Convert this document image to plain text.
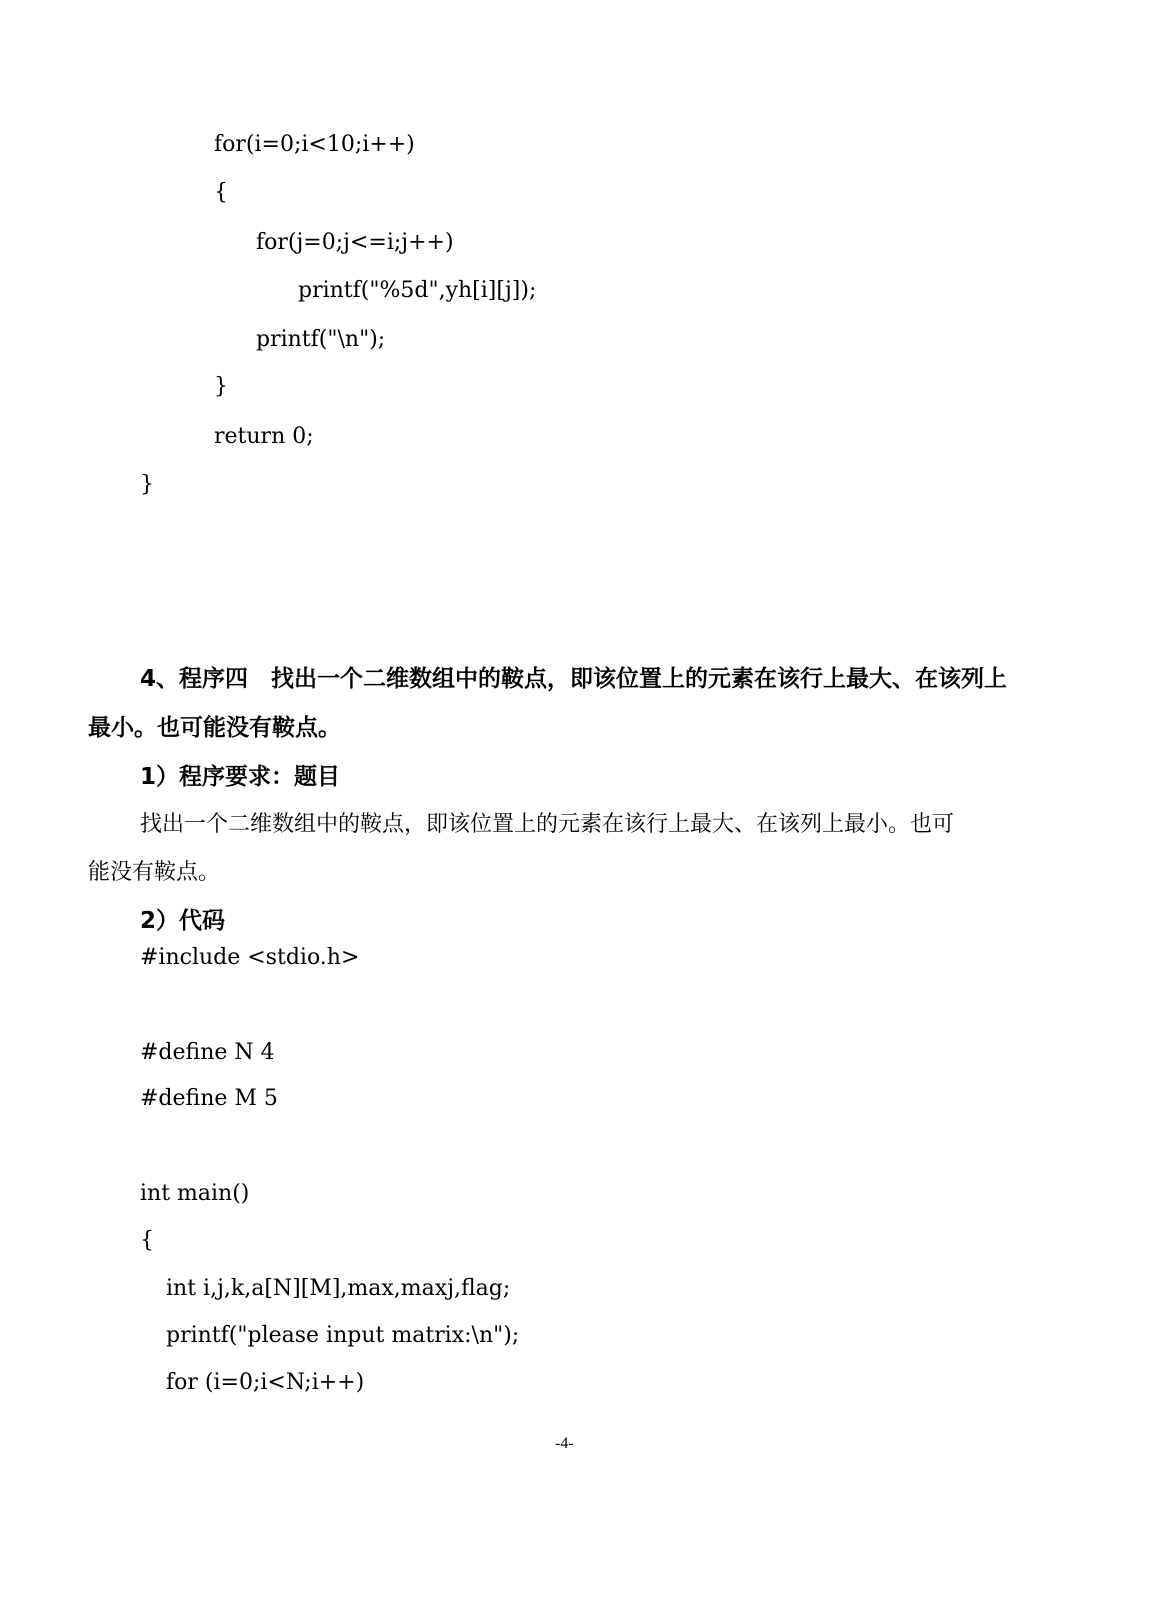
for(i=0;i<10;i++)

{

for(j=0;j<=i;j++)

printf("%5d",yh[i][j]);

printf("\n");

}

return 0;

}

4、程序四　找出一个二维数组中的鞍点，即该位置上的元素在该行上最大、在该列上

最小。也可能没有鞍点。

1）程序要求：题目

找出一个二维数组中的鞍点，即该位置上的元素在该行上最大、在该列上最小。也可

能没有鞍点。

2）代码

#include <stdio.h>

#define N 4

#define M 5

int main()

{

int i,j,k,a[N][M],max,maxj,flag;

printf("please input matrix:\n");

for (i=0;i<N;i++)

-4-
